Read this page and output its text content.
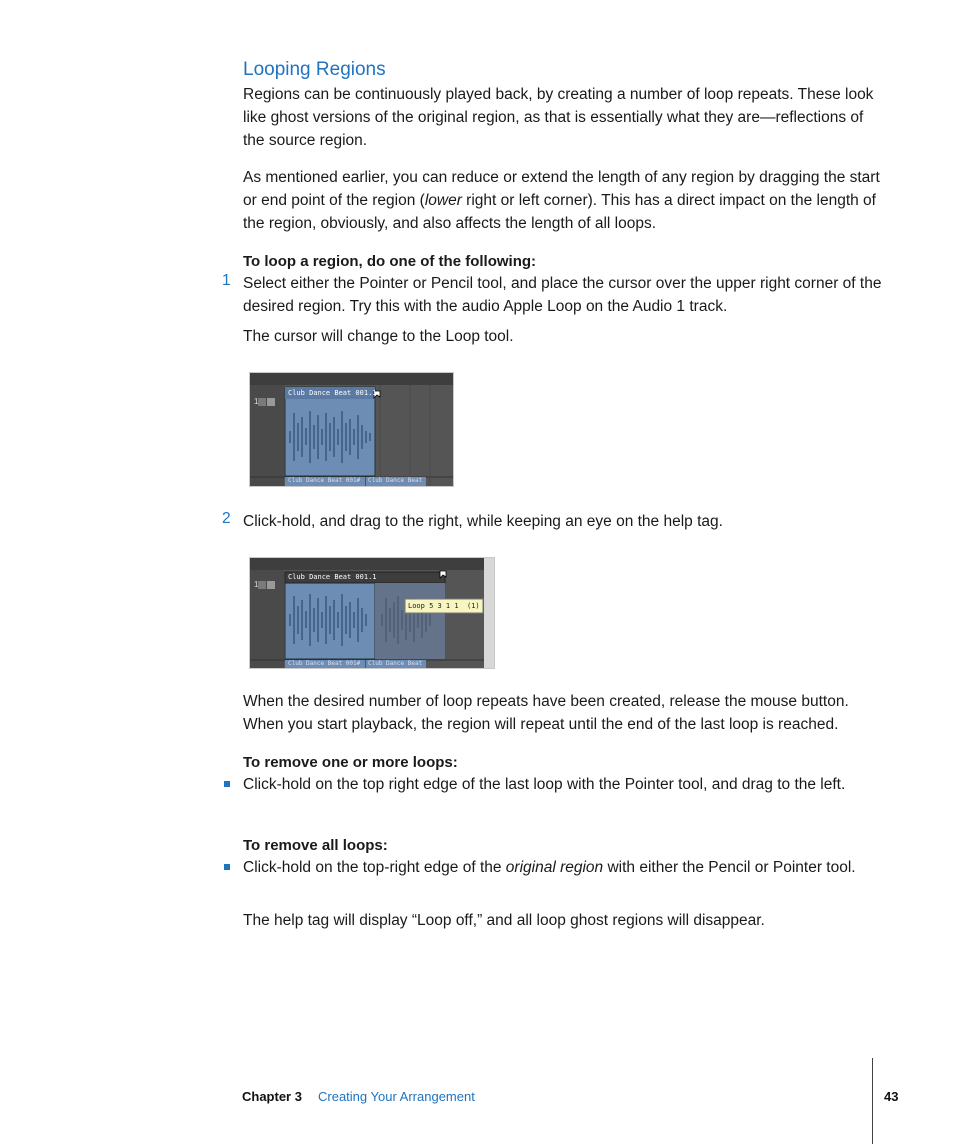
Looping Regions

Regions can be continuously played back, by creating a number of loop repeats. These look like ghost versions of the original region, as that is essentially what they are—reflections of the source region.

As mentioned earlier, you can reduce or extend the length of any region by dragging the start or end point of the region (lower right or left corner). This has a direct impact on the length of the region, obviously, and also affects the length of all loops.

To loop a region, do one of the following:
1 Select either the Pointer or Pencil tool, and place the cursor over the upper right corner of the desired region. Try this with the audio Apple Loop on the Audio 1 track.

The cursor will change to the Loop tool.

Club Dance Beat 001.1
1
Club Dance Beat 001# Club Dance Beat
2 Click-hold, and drag to the right, while keeping an eye on the help tag.

Club Dance Beat 001.1
1
Loop 5 3 1 1  (1)
Club Dance Beat 001# Club Dance Beat

When the desired number of loop repeats have been created, release the mouse button. When you start playback, the region will repeat until the end of the last loop is reached.

To remove one or more loops:

Click-hold on the top right edge of the last loop with the Pointer tool, and drag to the left.

To remove all loops:

Click-hold on the top-right edge of the original region with either the Pencil or Pointer tool.

The help tag will display “Loop off,” and all loop ghost regions will disappear.

Chapter 3 Creating Your Arrangement	43
